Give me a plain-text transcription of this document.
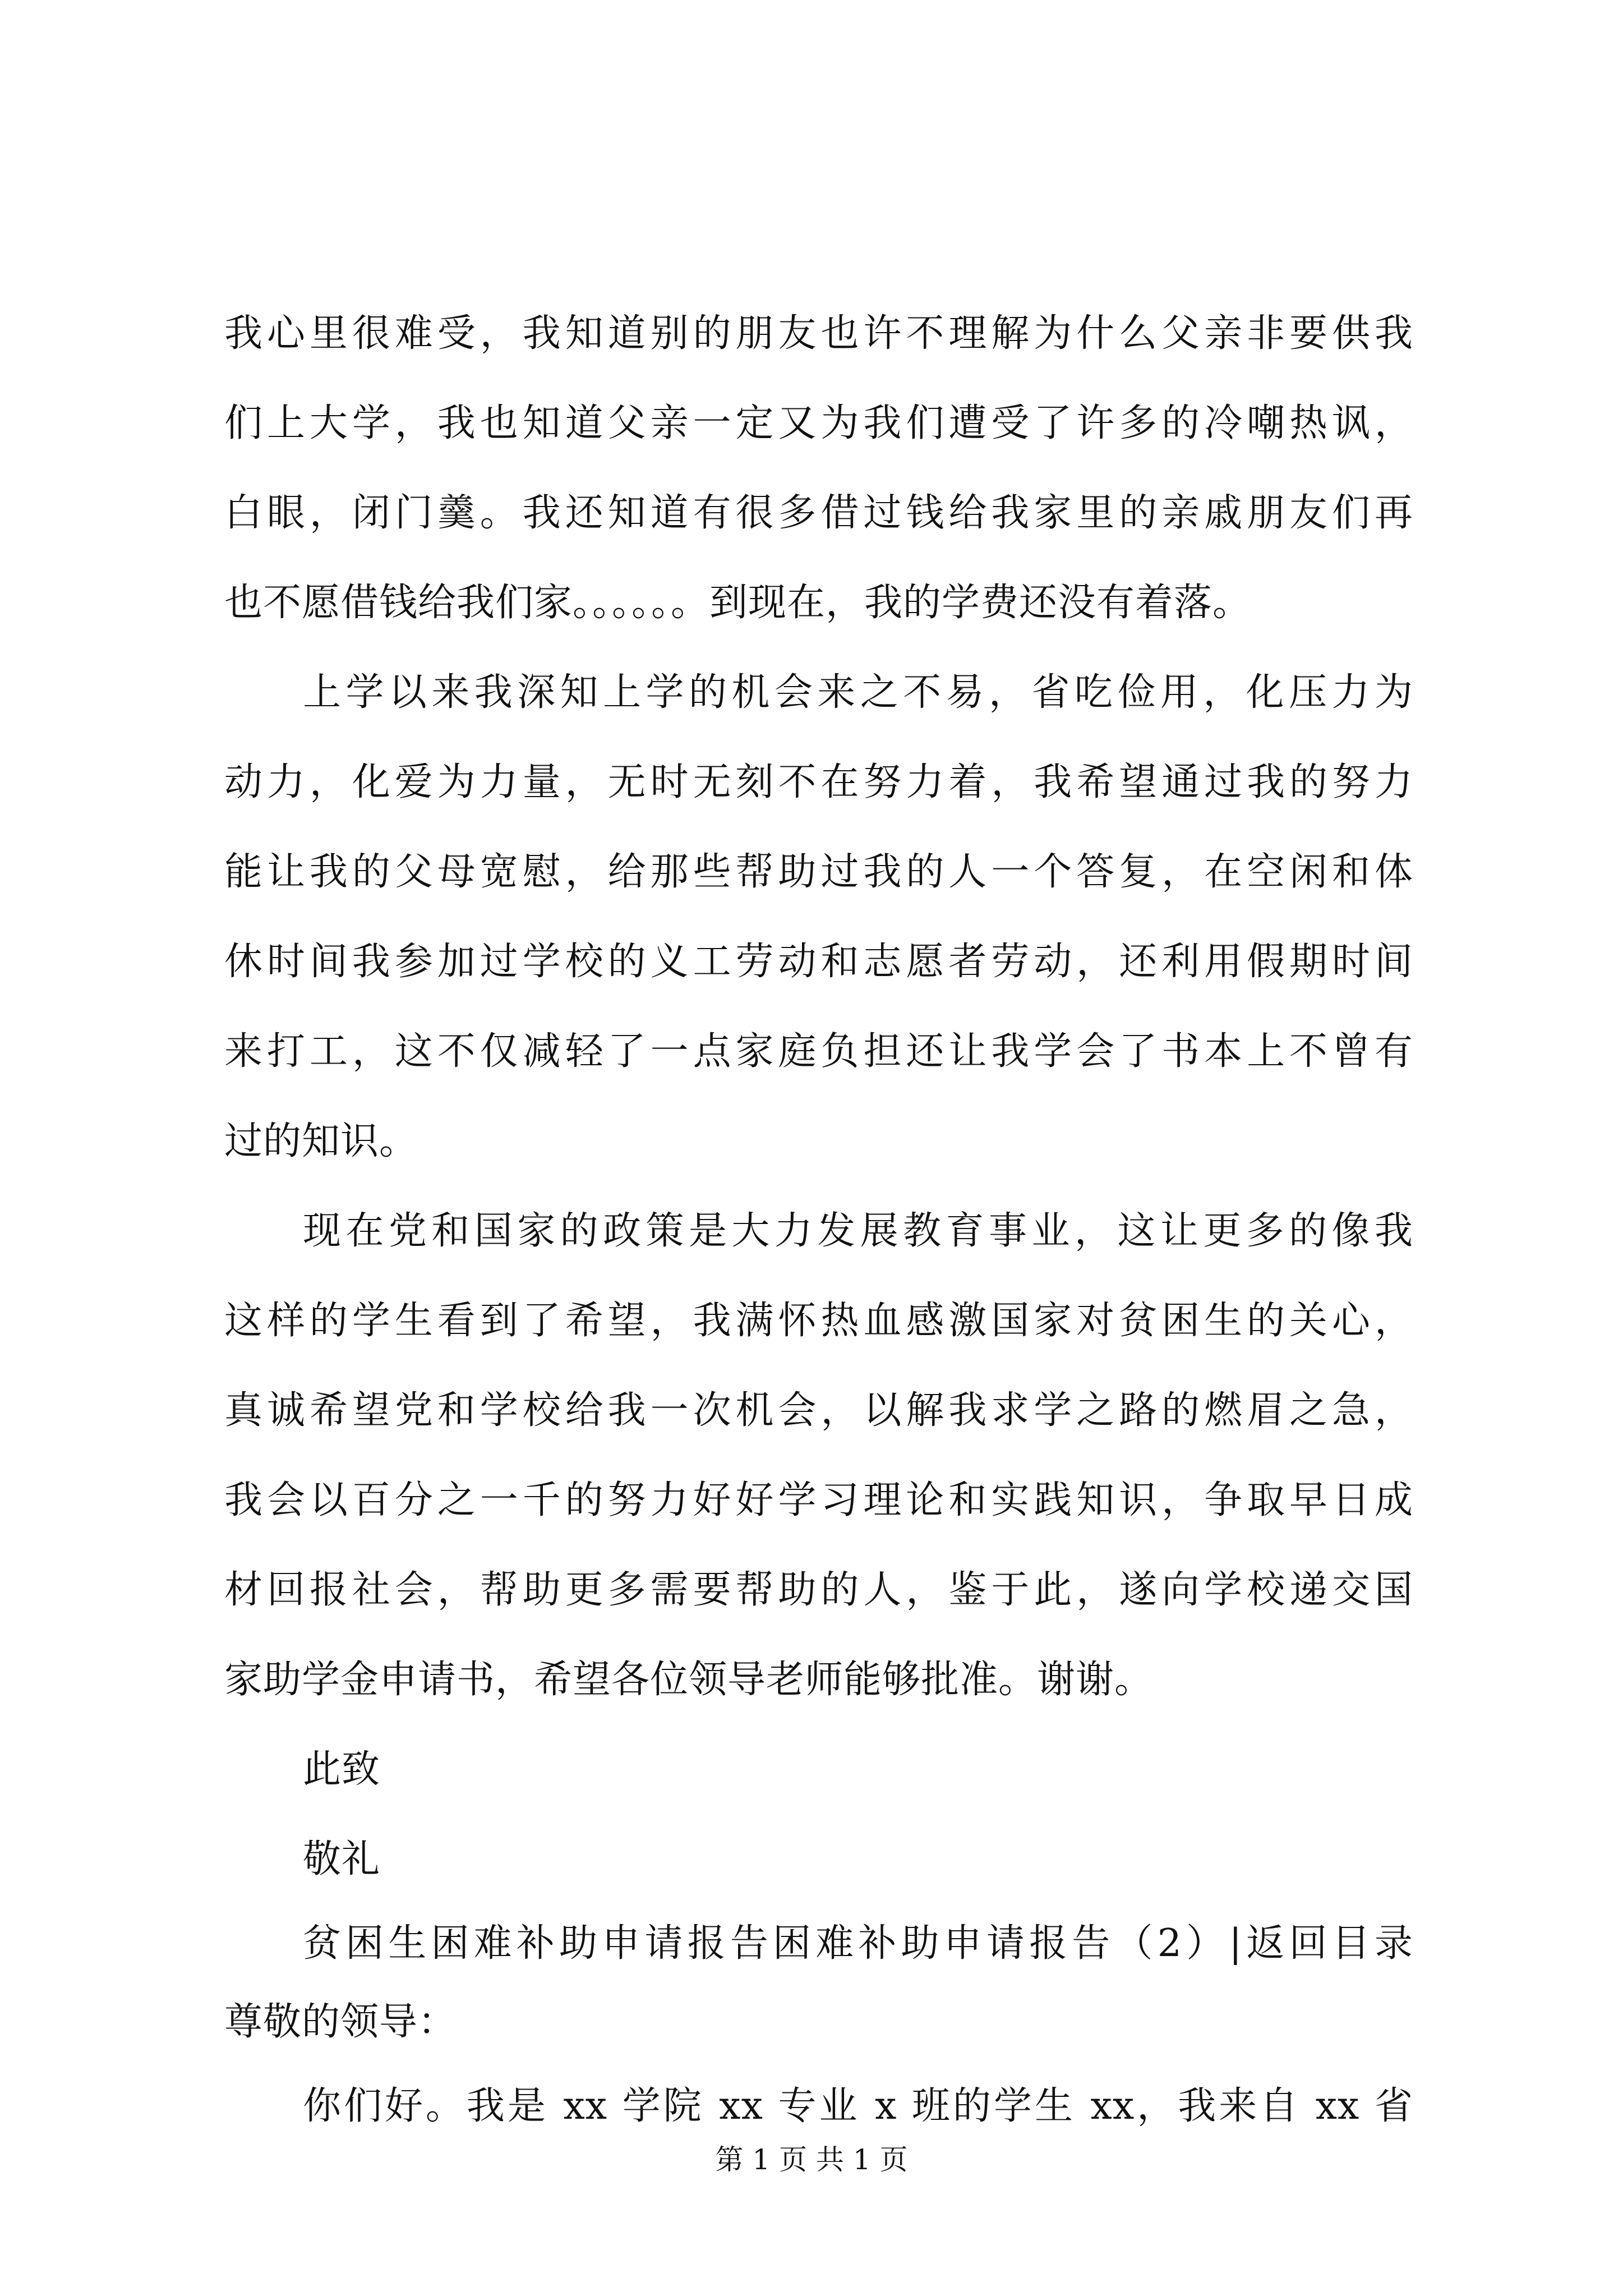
我心里很难受，我知道别的朋友也许不理解为什么父亲非要供我
们上大学，我也知道父亲一定又为我们遭受了许多的冷嘲热讽，
白眼，闭门羹。我还知道有很多借过钱给我家里的亲戚朋友们再
也不愿借钱给我们家。。。。。。到现在，我的学费还没有着落。
上学以来我深知上学的机会来之不易，省吃俭用，化压力为
动力，化爱为力量，无时无刻不在努力着，我希望通过我的努力
能让我的父母宽慰，给那些帮助过我的人一个答复，在空闲和体
休时间我参加过学校的义工劳动和志愿者劳动，还利用假期时间
来打工，这不仅减轻了一点家庭负担还让我学会了书本上不曾有
过的知识。
现在党和国家的政策是大力发展教育事业，这让更多的像我
这样的学生看到了希望，我满怀热血感激国家对贫困生的关心，
真诚希望党和学校给我一次机会，以解我求学之路的燃眉之急，
我会以百分之一千的努力好好学习理论和实践知识，争取早日成
材回报社会，帮助更多需要帮助的人，鉴于此，遂向学校递交国
家助学金申请书，希望各位领导老师能够批准。谢谢。
此致
敬礼
贫困生困难补助申请报告困难补助申请报告（2）|返回目录
尊敬的领导：
你们好。我是 xx 学院 xx 专业 x 班的学生 xx，我来自 xx 省
第 1 页 共 1 页
